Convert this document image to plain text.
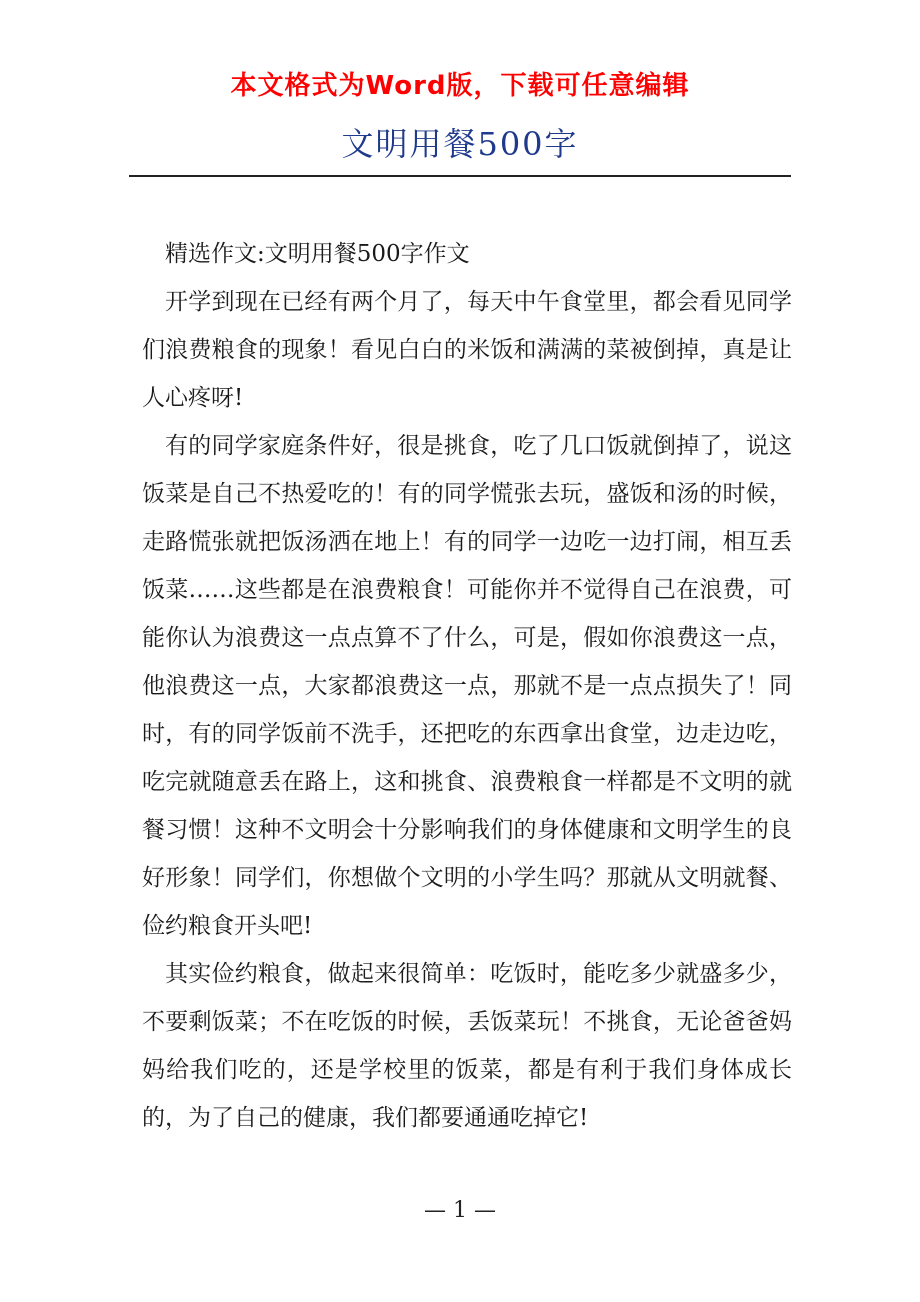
本文格式为Word版，下载可任意编辑
文明用餐500字

精选作文:文明用餐500字作文

开学到现在已经有两个月了，每天中午食堂里，都会看见同学们浪费粮食的现象！看见白白的米饭和满满的菜被倒掉，真是让人心疼呀!

有的同学家庭条件好，很是挑食，吃了几口饭就倒掉了，说这饭菜是自己不热爱吃的！有的同学慌张去玩，盛饭和汤的时候，走路慌张就把饭汤洒在地上！有的同学一边吃一边打闹，相互丢饭菜……这些都是在浪费粮食！可能你并不觉得自己在浪费，可能你认为浪费这一点点算不了什么，可是，假如你浪费这一点，他浪费这一点，大家都浪费这一点，那就不是一点点损失了！同时，有的同学饭前不洗手，还把吃的东西拿出食堂，边走边吃，吃完就随意丢在路上，这和挑食、浪费粮食一样都是不文明的就餐习惯！这种不文明会十分影响我们的身体健康和文明学生的良好形象！同学们，你想做个文明的小学生吗？那就从文明就餐、俭约粮食开头吧!

其实俭约粮食，做起来很简单：吃饭时，能吃多少就盛多少，不要剩饭菜；不在吃饭的时候，丢饭菜玩！不挑食，无论爸爸妈妈给我们吃的，还是学校里的饭菜，都是有利于我们身体成长的，为了自己的健康，我们都要通通吃掉它!

— 1 —
